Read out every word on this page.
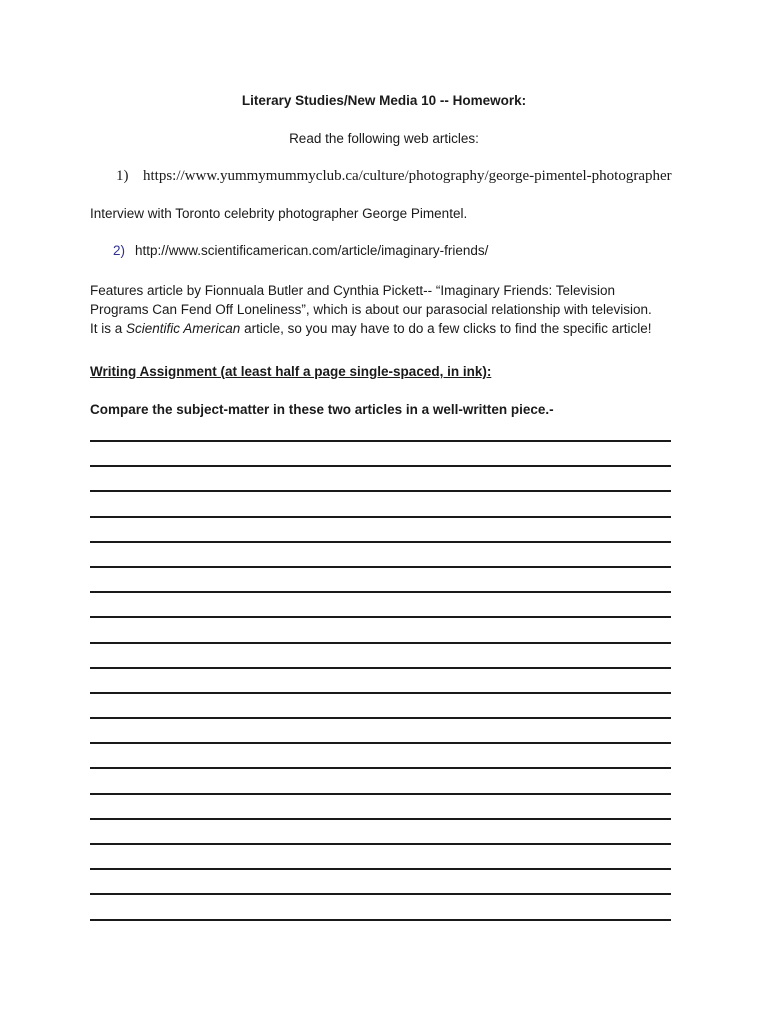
Literary Studies/New Media 10 -- Homework:
Read the following web articles:
1) https://www.yummymummyclub.ca/culture/photography/george-pimentel-photographer
Interview with Toronto celebrity photographer George Pimentel.
2) http://www.scientificamerican.com/article/imaginary-friends/

Features article by Fionnuala Butler and Cynthia Pickett-- “Imaginary Friends: Television

Programs Can Fend Off Loneliness”, which is about our parasocial relationship with television.

It is a Scientific American article, so you may have to do a few clicks to find the specific article!

Writing Assignment (at least half a page single-spaced, in ink):
Compare the subject-matter in these two articles in a well-written piece.-
